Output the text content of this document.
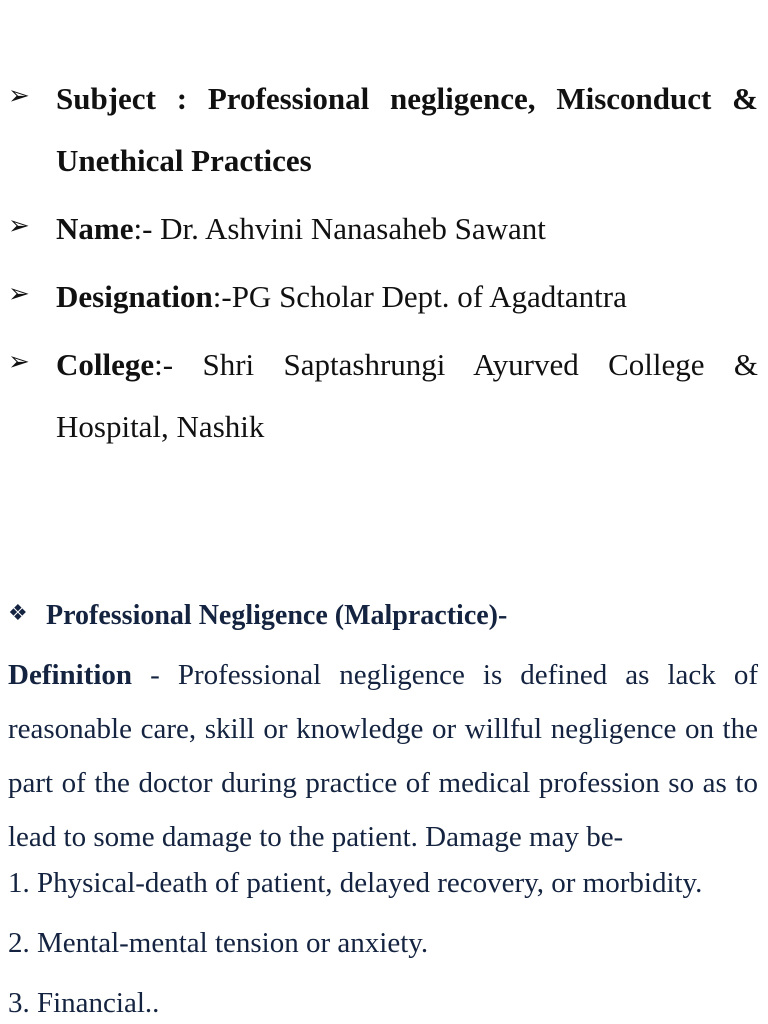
➢ Subject : Professional negligence, Misconduct & Unethical Practices
➢ Name:- Dr. Ashvini Nanasaheb Sawant
➢ Designation:-PG Scholar Dept. of Agadtantra
➢ College:- Shri Saptashrungi Ayurved College & Hospital, Nashik
❖ Professional Negligence (Malpractice)-
Definition - Professional negligence is defined as lack of reasonable care, skill or knowledge or willful negligence on the part of the doctor during practice of medical profession so as to lead to some damage to the patient. Damage may be-
1. Physical-death of patient, delayed recovery, or morbidity.
2. Mental-mental tension or anxiety.
3. Financial..
